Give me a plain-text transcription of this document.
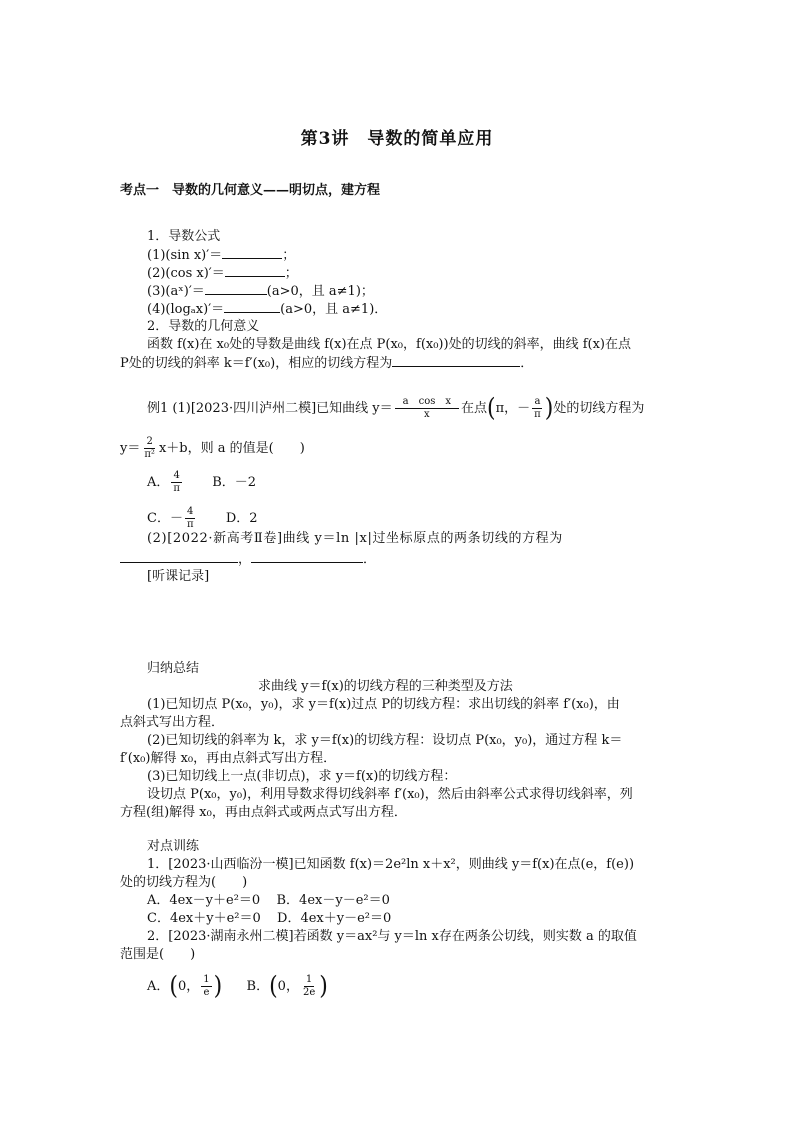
第3讲　导数的简单应用
考点一　导数的几何意义——明切点，建方程
1．导数公式
(1)(sin x)′＝	；
(2)(cos x)′＝	；
(3)(aˣ)′＝	(a>0，且 a≠1)；
(4)(logₐx)′＝	(a>0，且 a≠1)．
2．导数的几何意义
函数 f(x)在 x₀处的导数是曲线 f(x)在点 P(x₀，f(x₀))处的切线的斜率，曲线 f(x)在点
P处的切线的斜率 k＝f′(x₀)，相应的切线方程为	．
例1 (1)[2023·四川泸州二模]已知曲线 $y= \frac{\text{a　cos　x}}{x}$ 在点(π，－ $\frac{a}{\pi}$ )处的切线方程为
$y= \frac{2}{\text{π²}} x+b$，则 a 的值是(　　)
A． $\frac{4}{\pi}$ B．－2
C．－ $\frac{4}{\pi}$ D．2
(2)[2022·新高考Ⅱ卷]曲线 y＝ln |x|过坐标原点的两条切线的方程为
，	．
[听课记录]
归纳总结
求曲线 y＝f(x)的切线方程的三种类型及方法
(1)已知切点 P(x₀，y₀)，求 y＝f(x)过点 P的切线方程：求出切线的斜率 f′(x₀)，由
点斜式写出方程．
(2)已知切线的斜率为 k，求 y＝f(x)的切线方程：设切点 P(x₀，y₀)，通过方程 k＝
f′(x₀)解得 x₀，再由点斜式写出方程．
(3)已知切线上一点(非切点)，求 y＝f(x)的切线方程：
设切点 P(x₀，y₀)，利用导数求得切线斜率 f′(x₀)，然后由斜率公式求得切线斜率，列
方程(组)解得 x₀，再由点斜式或两点式写出方程．
对点训练
1．[2023·山西临汾一模]已知函数 f(x)＝2e²ln x＋x²，则曲线 y＝f(x)在点(e，f(e))
处的切线方程为(　　)
A．4ex－y＋e²＝0 B．4ex－y－e²＝0
C．4ex＋y＋e²＝0 D．4ex＋y－e²＝0
2．[2023·湖南永州二模]若函数 y＝ax²与 y＝ln x存在两条公切线，则实数 a 的取值
范围是(　　)
A．(0， $\frac{1}{e}$ ) B．(0， $\frac{1}{2e}$ )
